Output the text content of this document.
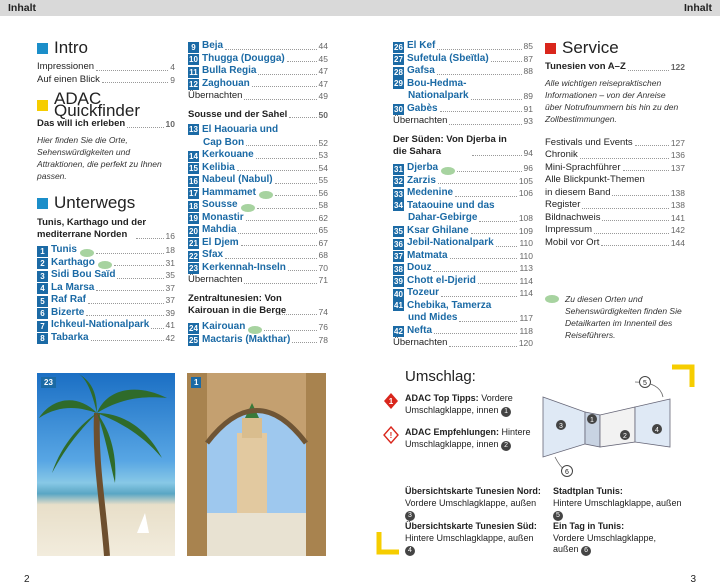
Inhalt	Inhalt
Intro
Impressionen	4
Auf einen Blick	9
ADAC Quickfinder
Das will ich erleben	10
Hier finden Sie die Orte, Sehenswürdigkeiten und Attraktionen, die perfekt zu Ihnen passen.
Unterwegs
Tunis, Karthago und der mediterrane Norden	16
1 Tunis	18
2 Karthago	31
3 Sidi Bou Saïd	35
4 La Marsa	37
5 Raf Raf	37
6 Bizerte	39
7 Ichkeul-Nationalpark 41
8 Tabarka	42
9 Beja	44
10 Thugga (Dougga)	45
11 Bulla Regia	47
12 Zaghouan	47
Übernachten	49
Sousse und der Sahel	50
13 El Haouaria und
Cap Bon	52
14 Kerkouane	53
15 Kelibia	54
16 Nabeul (Nabul)	55
17 Hammamet	56
18 Sousse	58
19 Monastir	62
20 Mahdia	65
21 El Djem	67
22 Sfax	68
23 Kerkennah-Inseln	70
Übernachten	71
Zentraltunesien: Von Kairouan in die Berge	74
24 Kairouan	76
25 Mactaris (Makthar)	78
26 El Kef	85
27 Sufetula (Sbeïtla)	87
28 Gafsa	88
29 Bou-Hedma-
Nationalpark	89
30 Gabès	91
Übernachten	93
Der Süden: Von Djerba in die Sahara	94
31 Djerba	96
32 Zarzis	105
33 Medenine	106
34 Tataouine und das
Dahar-Gebirge	108
35 Ksar Ghilane	109
36 Jebil-Nationalpark	110
37 Matmata	110
38 Douz	113
39 Chott el-Djerid	114
40 Tozeur	114
41 Chebika, Tamerza
und Mides	117
42 Nefta	118
Übernachten	120
Service
Tunesien von A–Z	122
Alle wichtigen reisepraktischen Informationen – von der Anreise über Notrufnummern bis hin zu den Zollbestimmungen.
Festivals und Events	127
Chronik	136
Mini-Sprachführer	137
Alle Blickpunkt-Themen
in diesem Band	138
Register	138
Bildnachweis	141
Impressum	142
Mobil vor Ort	144
Zu diesen Orten und Sehenswürdigkeiten finden Sie Detailkarten im Innenteil des Reiseführers.
23	1	Umschlag:
1 ADAC Top Tipps: Vordere Umschlagklappe, innen 1
! ADAC Empfehlungen: Hintere Umschlagklappe, innen 2
3
1
2
4
5
6
Übersichtskarte Tunesien Nord:
Vordere Umschlagklappe, außen 3
Übersichtskarte Tunesien Süd:
Hintere Umschlagklappe, außen 4
Stadtplan Tunis:
Hintere Umschlagklappe, außen 5
Ein Tag in Tunis:
Vordere Umschlagklappe, außen 6
2	3
